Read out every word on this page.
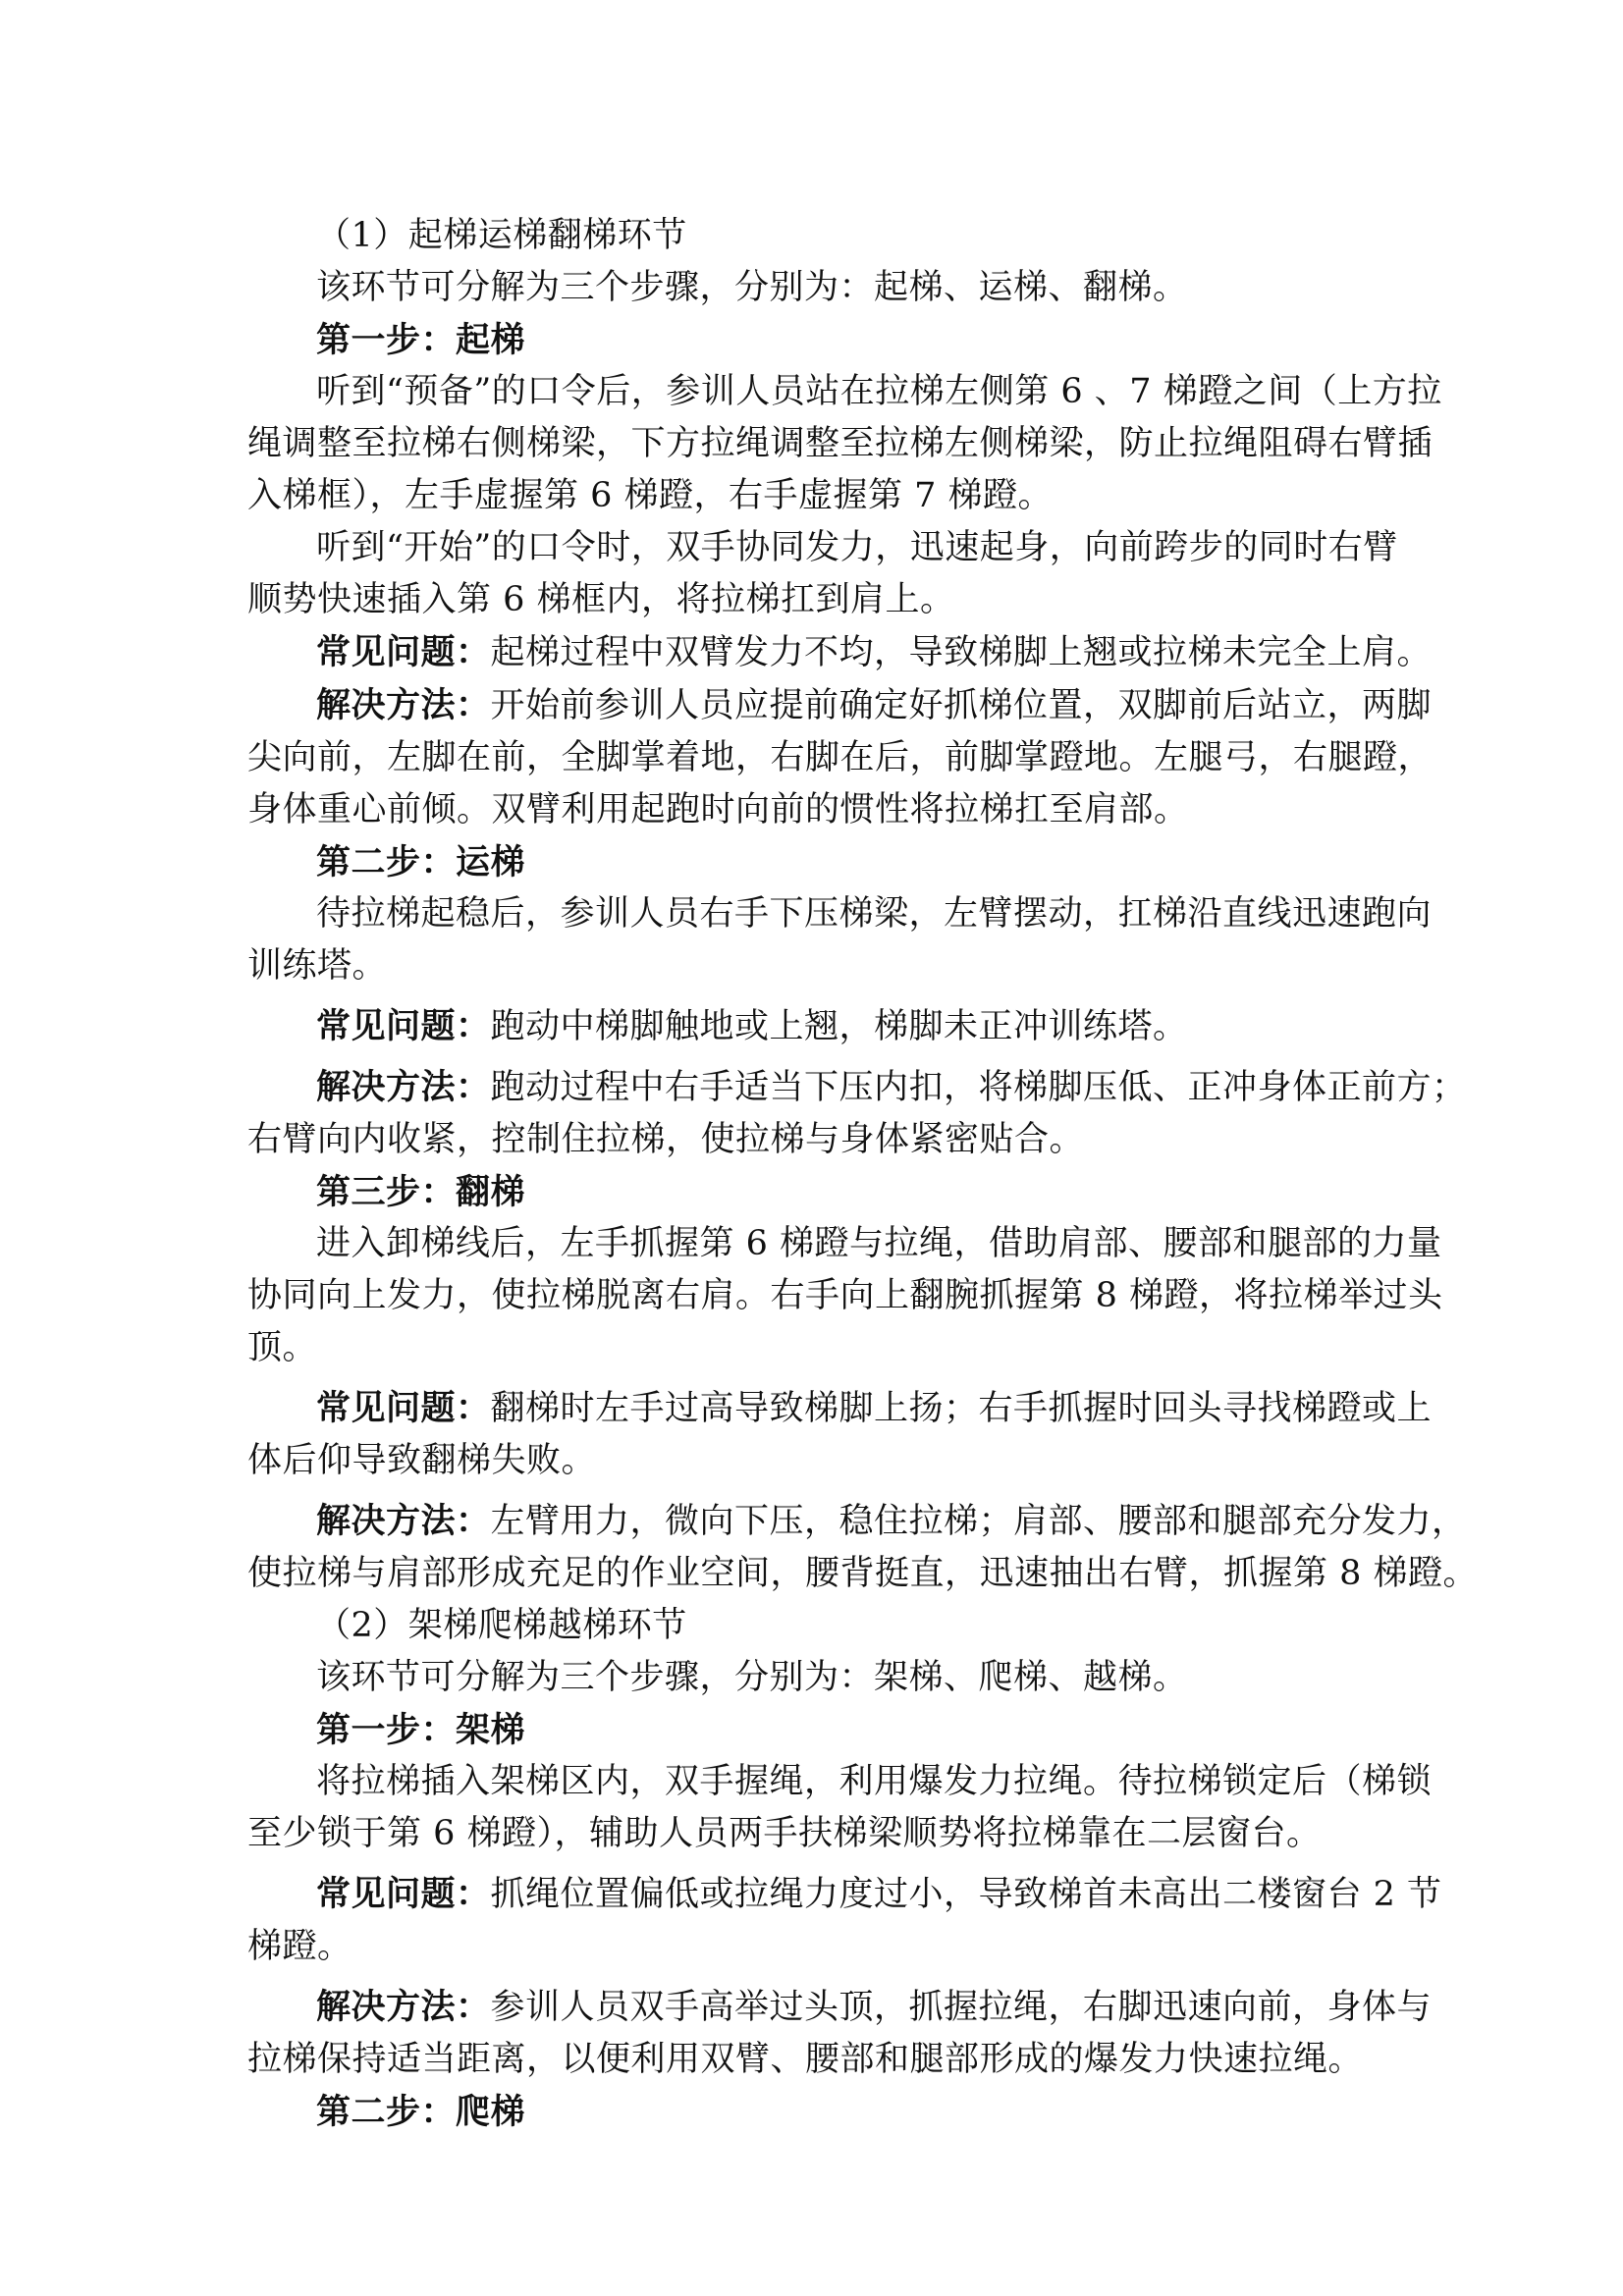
（1）起梯运梯翻梯环节

该环节可分解为三个步骤，分别为：起梯、运梯、翻梯。

第一步：起梯

听到“预备”的口令后，参训人员站在拉梯左侧第 6 、7 梯蹬之间（上方拉

绳调整至拉梯右侧梯梁，下方拉绳调整至拉梯左侧梯梁，防止拉绳阻碍右臂插

入梯框），左手虚握第 6 梯蹬，右手虚握第 7 梯蹬。

听到“开始”的口令时，双手协同发力，迅速起身，向前跨步的同时右臂

顺势快速插入第 6 梯框内，将拉梯扛到肩上。

常见问题：起梯过程中双臂发力不均，导致梯脚上翘或拉梯未完全上肩。

解决方法：开始前参训人员应提前确定好抓梯位置，双脚前后站立，两脚

尖向前，左脚在前，全脚掌着地，右脚在后，前脚掌蹬地。左腿弓，右腿蹬，

身体重心前倾。双臂利用起跑时向前的惯性将拉梯扛至肩部。

第二步：运梯

待拉梯起稳后，参训人员右手下压梯梁，左臂摆动，扛梯沿直线迅速跑向

训练塔。

常见问题：跑动中梯脚触地或上翘，梯脚未正冲训练塔。

解决方法：跑动过程中右手适当下压内扣，将梯脚压低、正冲身体正前方；

右臂向内收紧，控制住拉梯，使拉梯与身体紧密贴合。

第三步：翻梯

进入卸梯线后，左手抓握第 6 梯蹬与拉绳，借助肩部、腰部和腿部的力量

协同向上发力，使拉梯脱离右肩。右手向上翻腕抓握第 8 梯蹬，将拉梯举过头

顶。

常见问题：翻梯时左手过高导致梯脚上扬；右手抓握时回头寻找梯蹬或上

体后仰导致翻梯失败。

解决方法：左臂用力，微向下压，稳住拉梯；肩部、腰部和腿部充分发力，

使拉梯与肩部形成充足的作业空间，腰背挺直，迅速抽出右臂，抓握第 8 梯蹬。

（2）架梯爬梯越梯环节

该环节可分解为三个步骤，分别为：架梯、爬梯、越梯。

第一步：架梯

将拉梯插入架梯区内，双手握绳，利用爆发力拉绳。待拉梯锁定后（梯锁

至少锁于第 6 梯蹬），辅助人员两手扶梯梁顺势将拉梯靠在二层窗台。

常见问题：抓绳位置偏低或拉绳力度过小，导致梯首未高出二楼窗台 2 节

梯蹬。

解决方法：参训人员双手高举过头顶，抓握拉绳，右脚迅速向前，身体与

拉梯保持适当距离，以便利用双臂、腰部和腿部形成的爆发力快速拉绳。

第二步：爬梯
